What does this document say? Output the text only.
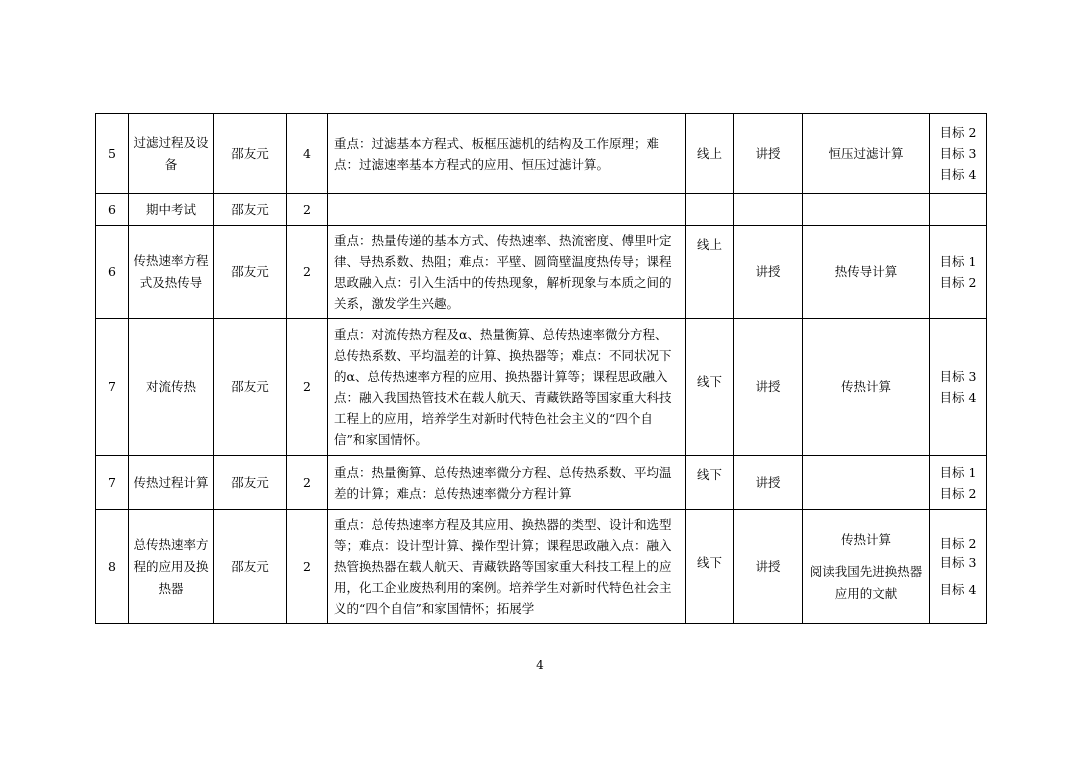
5	过滤过程及设备	邵友元	4	重点：过滤基本方程式、板框压滤机的结构及工作原理；难点：过滤速率基本方程式的应用、恒压过滤计算。	线上	讲授	恒压过滤计算	目标 2
目标 3
目标 4

6	期中考试	邵友元	2					
6	传热速率方程式及热传导	邵友元	2	重点：热量传递的基本方式、传热速率、热流密度、傅里叶定律、导热系数、热阻；难点：平壁、圆筒壁温度热传导；课程思政融入点：引入生活中的传热现象，解析现象与本质之间的关系，激发学生兴趣。	线上	讲授	热传导计算	目标 1
目标 2

7	对流传热	邵友元	2	重点：对流传热方程及α、热量衡算、总传热速率微分方程、总传热系数、平均温差的计算、换热器等；难点：不同状况下的α、总传热速率方程的应用、换热器计算等；课程思政融入点：融入我国热管技术在载人航天、青藏铁路等国家重大科技工程上的应用，培养学生对新时代特色社会主义的“四个自信”和家国情怀。	线下	讲授	传热计算	目标 3
目标 4

7	传热过程计算	邵友元	2	重点：热量衡算、总传热速率微分方程、总传热系数、平均温差的计算；难点：总传热速率微分方程计算	线下	讲授		目标 1
目标 2

8	总传热速率方程的应用及换热器	邵友元	2	重点：总传热速率方程及其应用、换热器的类型、设计和选型等；难点：设计型计算、操作型计算；课程思政融入点：融入热管换热器在载人航天、青藏铁路等国家重大科技工程上的应用，化工企业废热利用的案例。培养学生对新时代特色社会主义的“四个自信”和家国情怀；拓展学	线下	讲授	传热计算
阅读我国先进换热器应用的文献	目标 2
目标 3
目标 4
4
